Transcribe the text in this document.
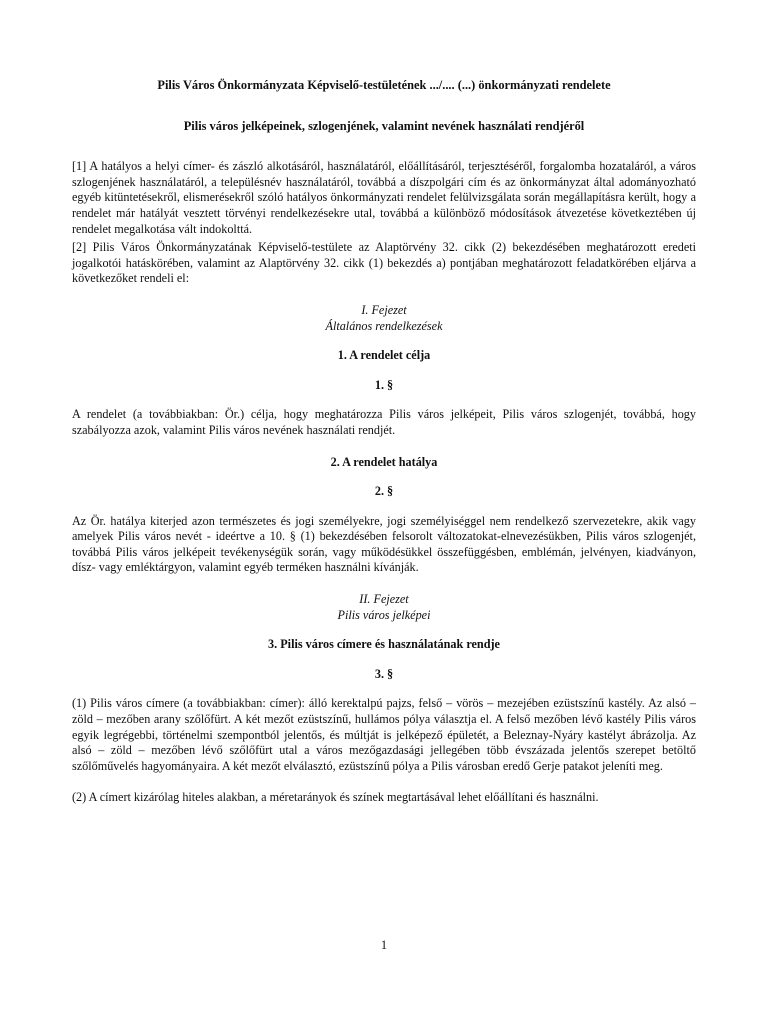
Pilis Város Önkormányzata Képviselő-testületének .../.... (...) önkormányzati rendelete
Pilis város jelképeinek, szlogenjének, valamint nevének használati rendjéről
[1] A hatályos a helyi címer- és zászló alkotásáról, használatáról, előállításáról, terjesztéséről, forgalomba hozataláról, a város szlogenjének használatáról, a településnév használatáról, továbbá a díszpolgári cím és az önkormányzat által adományozható egyéb kitüntetésekről, elismerésekről szóló hatályos önkormányzati rendelet felülvizsgálata során megállapításra került, hogy a rendelet már hatályát vesztett törvényi rendelkezésekre utal, továbbá a különböző módosítások átvezetése következtében új rendelet megalkotása vált indokolttá.
[2] Pilis Város Önkormányzatának Képviselő-testülete az Alaptörvény 32. cikk (2) bekezdésében meghatározott eredeti jogalkotói hatáskörében, valamint az Alaptörvény 32. cikk (1) bekezdés a) pontjában meghatározott feladatkörében eljárva a következőket rendeli el:
I. Fejezet
Általános rendelkezések
1. A rendelet célja
1. §
A rendelet (a továbbiakban: Ör.) célja, hogy meghatározza Pilis város jelképeit, Pilis város szlogenjét, továbbá, hogy szabályozza azok, valamint Pilis város nevének használati rendjét.
2. A rendelet hatálya
2. §
Az Ör. hatálya kiterjed azon természetes és jogi személyekre, jogi személyiséggel nem rendelkező szervezetekre, akik vagy amelyek Pilis város nevét - ideértve a 10. § (1) bekezdésében felsorolt változatokat-elnevezésükben, Pilis város szlogenjét, továbbá Pilis város jelképeit tevékenységük során, vagy működésükkel összefüggésben, emblémán, jelvényen, kiadványon, dísz- vagy emléktárgyon, valamint egyéb terméken használni kívánják.
II. Fejezet
Pilis város jelképei
3. Pilis város címere és használatának rendje
3. §
(1) Pilis város címere (a továbbiakban: címer): álló kerektalpú pajzs, felső – vörös – mezejében ezüstszínű kastély. Az alsó – zöld – mezőben arany szőlőfürt. A két mezőt ezüstszínű, hullámos pólya választja el. A felső mezőben lévő kastély Pilis város egyik legrégebbi, történelmi szempontból jelentős, és múltját is jelképező épületét, a Beleznay-Nyáry kastélyt ábrázolja. Az alsó – zöld – mezőben lévő szőlőfürt utal a város mezőgazdasági jellegében több évszázada jelentős szerepet betöltő szőlőművelés hagyományaira. A két mezőt elválasztó, ezüstszínű pólya a Pilis városban eredő Gerje patakot jeleníti meg.
(2) A címert kizárólag hiteles alakban, a méretarányok és színek megtartásával lehet előállítani és használni.
1
